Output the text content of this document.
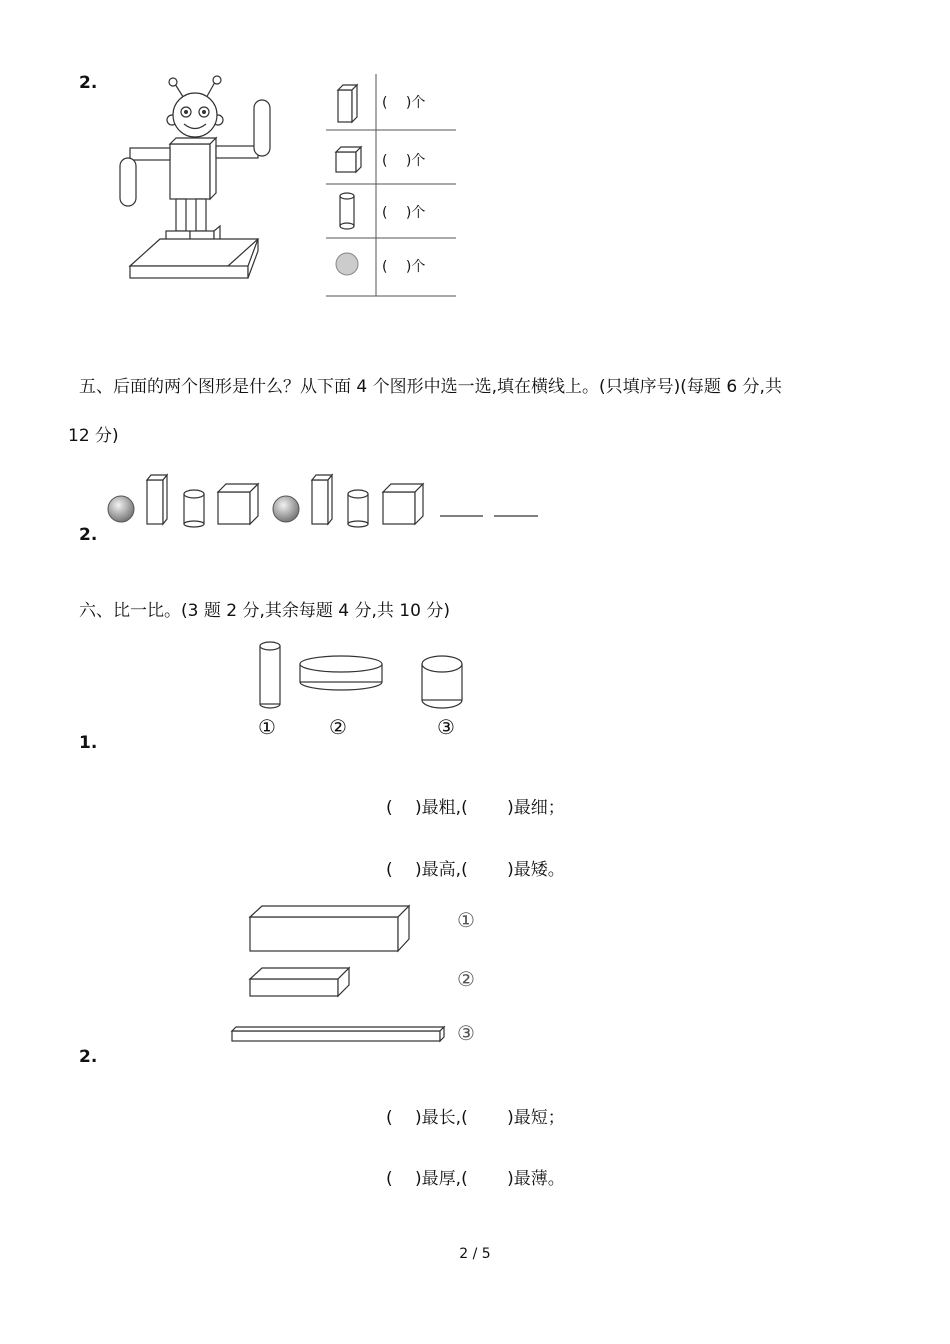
2.
(　 )个
(　 )个
(　 )个
(　 )个
五、后面的两个图形是什么？从下面 4 个图形中选一选,填在横线上。(只填序号)(每题 6 分,共
12 分)
2.
六、比一比。(3 题 2 分,其余每题 4 分,共 10 分)
①	②	③
1.
(　 )最粗,(　　 )最细；
(　 )最高,(　　 )最矮。
①
②
③
2.
(　 )最长,(　　 )最短；
(　 )最厚,(　　 )最薄。
2 / 5
